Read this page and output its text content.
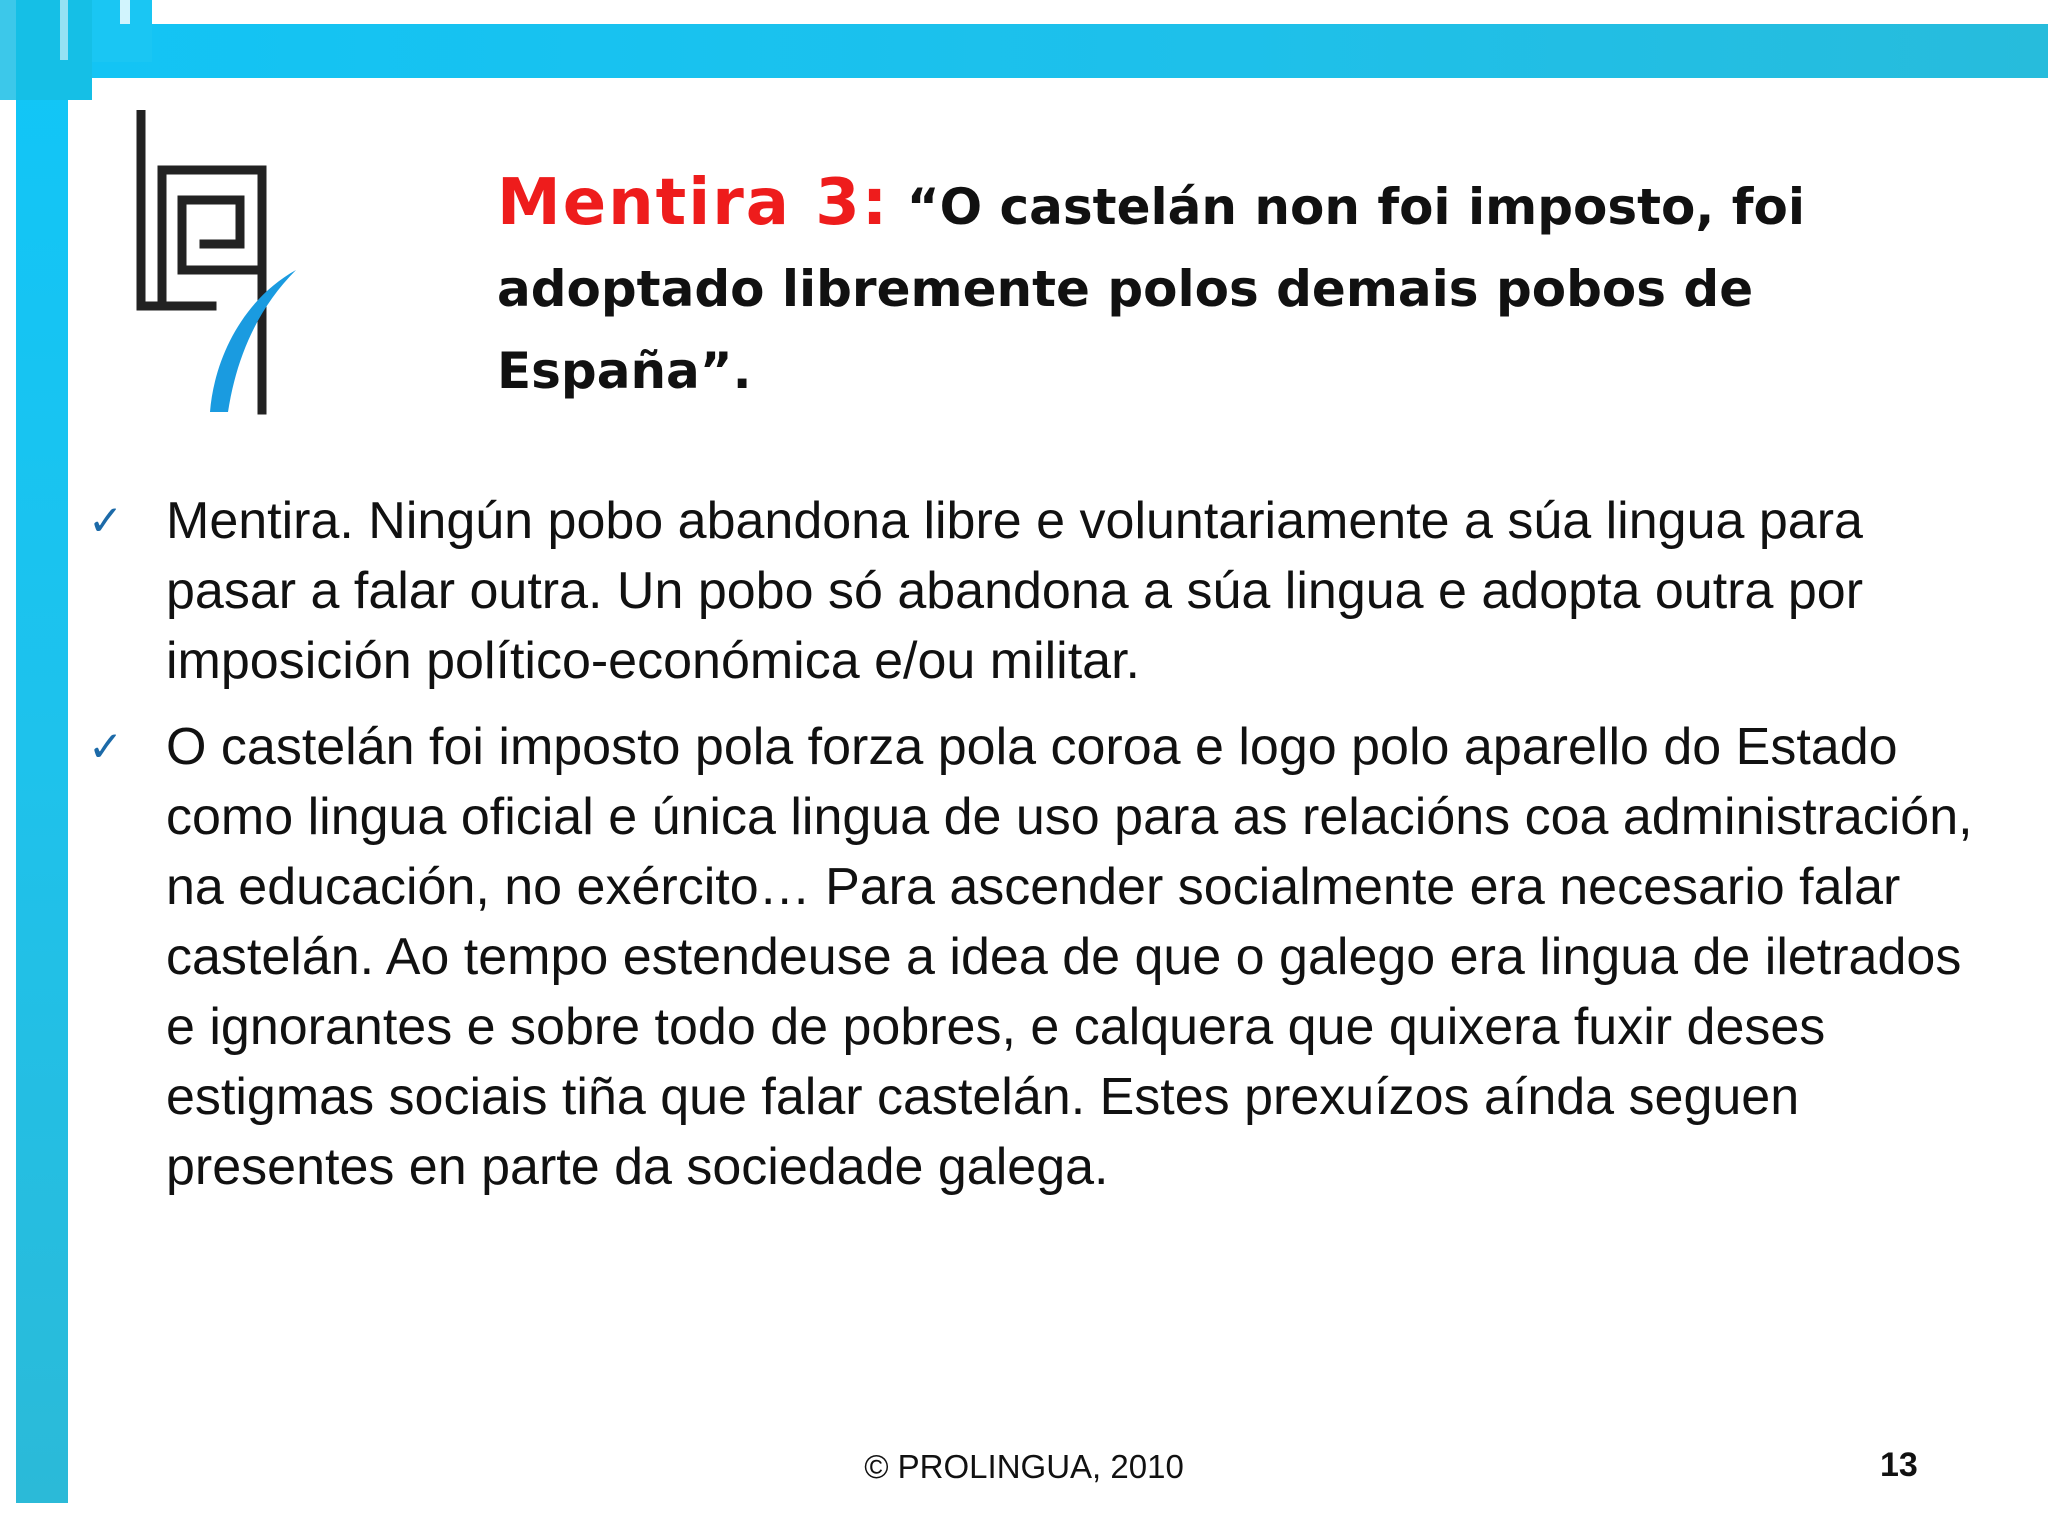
Mentira 3: “O castelán non foi imposto, foi adoptado libremente polos demais pobos de España”.
✓ Mentira. Ningún pobo abandona libre e voluntariamente a súa lingua para pasar a falar outra. Un pobo só abandona a súa lingua e adopta outra por imposición político-económica e/ou militar.
✓ O castelán foi imposto pola forza pola coroa e logo polo aparello do Estado como lingua oficial e única lingua de uso para as relacións coa administración, na educación, no exército… Para ascender socialmente era necesario falar castelán. Ao tempo estendeuse a idea de que o galego era lingua de iletrados e ignorantes e sobre todo de pobres, e calquera que quixera fuxir deses estigmas sociais tiña que falar castelán. Estes prexuízos aínda seguen presentes en parte da sociedade galega.
© PROLINGUA, 2010	13
